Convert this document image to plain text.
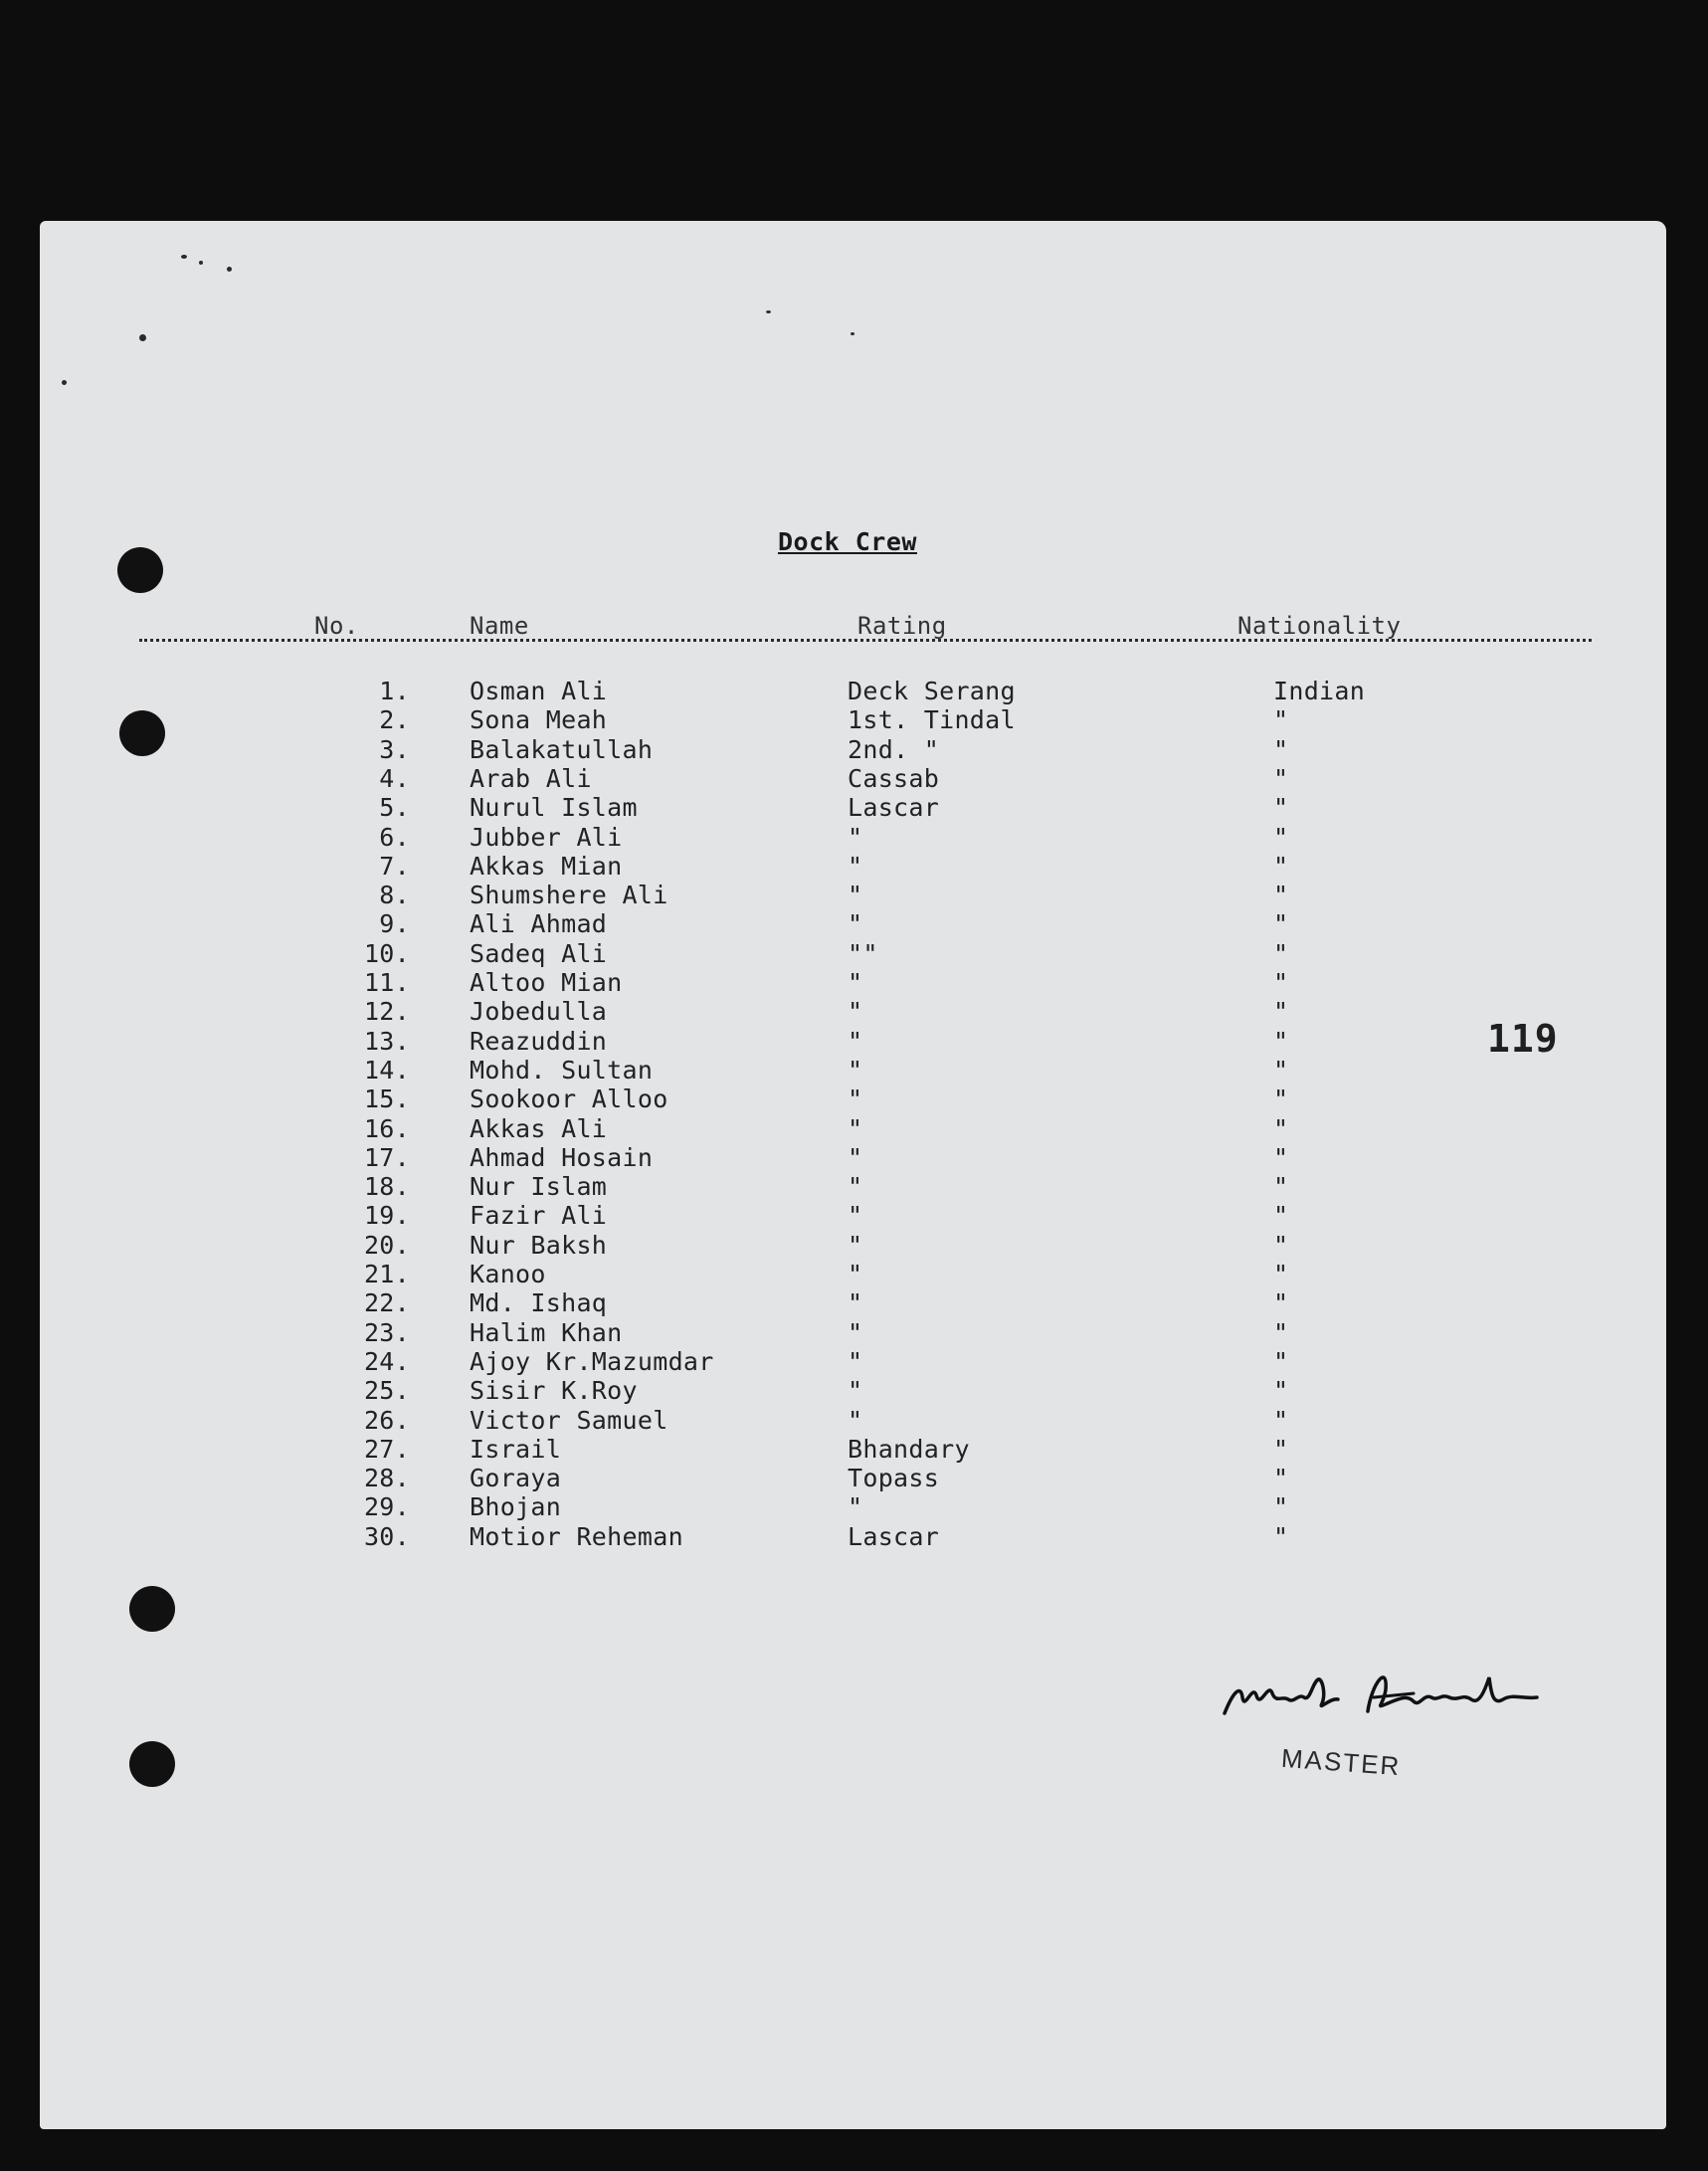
Dock Crew
No.	Name	Rating	Nationality
1. Osman Ali	Deck Serang	Indian
2. Sona Meah	1st. Tindal	"
3. Balakatullah	2nd. "	"
4. Arab Ali	Cassab	"
5. Nurul Islam	Lascar	"
6. Jubber Ali	"	"
7. Akkas Mian	"	"
8. Shumshere Ali	"	"
9. Ali Ahmad	"	"
10. Sadeq Ali	""	"
11. Altoo Mian	"	"
12. Jobedulla	"	"
13. Reazuddin	"	"
14. Mohd. Sultan	"	"
15. Sookoor Alloo	"	"
16. Akkas Ali	"	"
17. Ahmad Hosain	"	"
18. Nur Islam	"	"
19. Fazir Ali	"	"
20. Nur Baksh	"	"
21. Kanoo	"	"
22. Md. Ishaq	"	"
23. Halim Khan	"	"
24. Ajoy Kr.Mazumdar	"	"
25. Sisir K.Roy	"	"
26. Victor Samuel	"	"
27. Israil	Bhandary	"
28. Goraya	Topass	"
29. Bhojan	"	"
30. Motior Reheman	Lascar	"
119
MASTER
